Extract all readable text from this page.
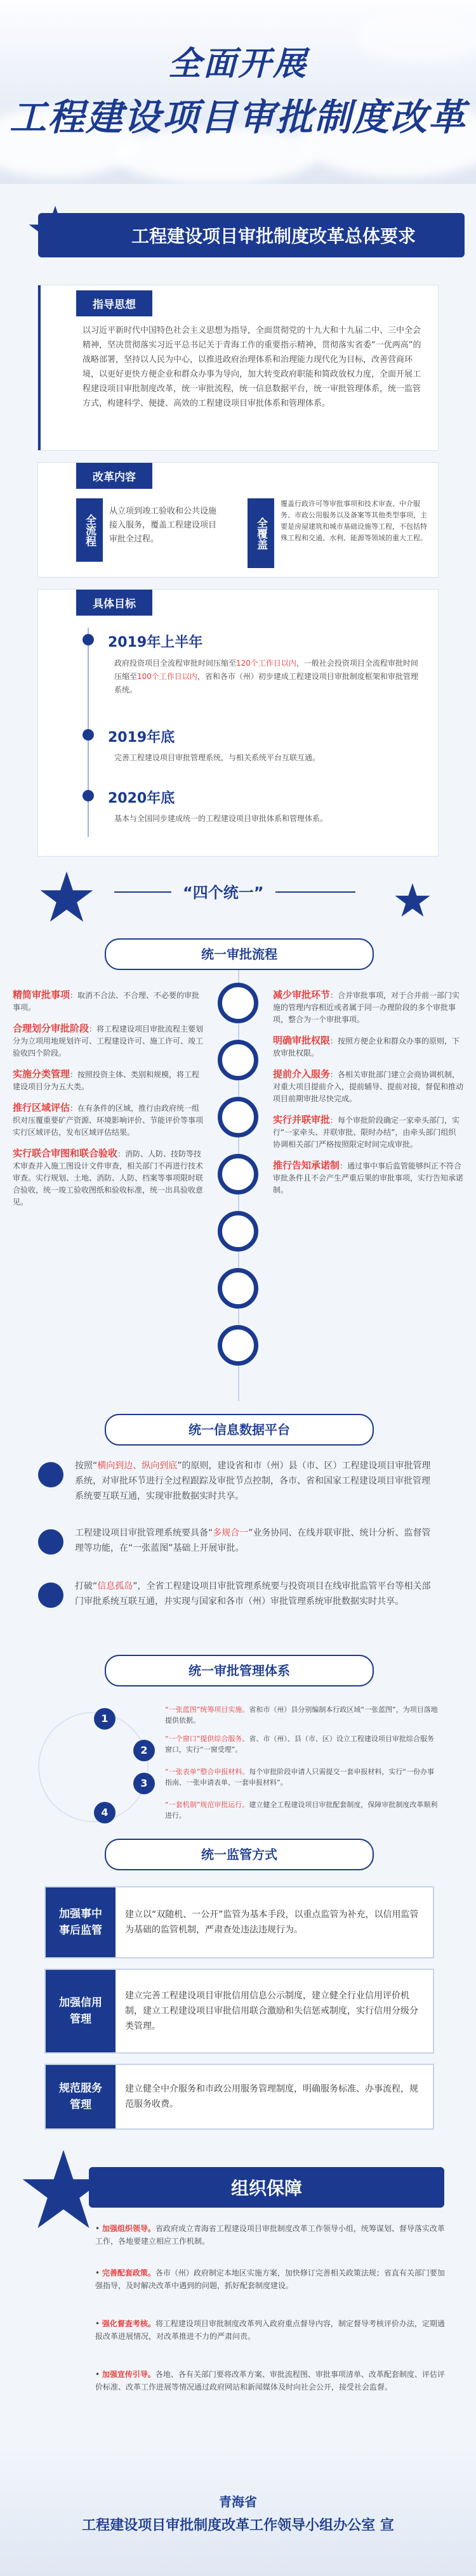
全面开展
工程建设项目审批制度改革
工程建设项目审批制度改革总体要求
指导思想
以习近平新时代中国特色社会主义思想为指导，全面贯彻党的十九大和十九届二中、三中全会精神，坚决贯彻落实习近平总书记关于青海工作的重要指示精神，贯彻落实省委“一优两高”的战略部署，坚持以人民为中心，以推进政府治理体系和治理能力现代化为目标，改善营商环境，以更好更快方便企业和群众办事为导向，加大转变政府职能和简政放权力度，全面开展工程建设项目审批制度改革，统一审批流程，统一信息数据平台，统一审批管理体系，统一监管方式，构建科学、便捷、高效的工程建设项目审批体系和管理体系。
改革内容
全流程
从立项到竣工验收和公共设施接入服务，覆盖工程建设项目审批全过程。	全覆盖
覆盖行政许可等审批事项和技术审查、中介服务、市政公用服务以及备案等其他类型事项，主要是房屋建筑和城市基础设施等工程，不包括特殊工程和交通、水利、能源等领域的重大工程。
具体目标
2019年上半年
政府投资项目全流程审批时间压缩至120个工作日以内，一般社会投资项目全流程审批时间压缩至100个工作日以内，省和各市（州）初步建成工程建设项目审批制度框架和审批管理系统。
2019年底
完善工程建设项目审批管理系统，与相关系统平台互联互通。
2020年底
基本与全国同步建成统一的工程建设项目审批体系和管理体系。
“四个统一”
统一审批流程
精简审批事项：取消不合法、不合理、不必要的审批事项。
合理划分审批阶段：将工程建设项目审批流程主要划分为立项用地规划许可、工程建设许可、施工许可、竣工验收四个阶段。
实施分类管理：按照投资主体、类别和规模，将工程建设项目分为五大类。
推行区域评估：在有条件的区域，推行由政府统一组织对压覆重要矿产资源、环境影响评价、节能评价等事项实行区域评估，发布区域评估结果。
实行联合审图和联合验收：消防、人防、技防等技术审查并入施工图设计文件审查，相关部门不再进行技术审查。实行规划、土地、消防、人防、档案等事项限时联合验收，统一竣工验收图纸和验收标准，统一出具验收意见。
减少审批环节：合并审批事项，对于合并前一部门实施的管理内容相近或者属于同一办理阶段的多个审批事项，整合为一个审批事项。
明确审批权限：按照方便企业和群众办事的原则，下放审批权限。
提前介入服务：各相关审批部门建立会商协调机制，对重大项目提前介入，提前辅导、提前对接，督促和推动项目前期审批尽快完成。
实行并联审批：每个审批阶段确定一家牵头部门，实行“一家牵头、并联审批、限时办结”，由牵头部门组织协调相关部门严格按照限定时间完成审批。
推行告知承诺制：通过事中事后监管能够纠正不符合审批条件且不会产生严重后果的审批事项，实行告知承诺制。
统一信息数据平台
按照“横向到边、纵向到底”的原则，建设省和市（州）县（市、区）工程建设项目审批管理系统，对审批环节进行全过程跟踪及审批节点控制，各市、省和国家工程建设项目审批管理系统要互联互通，实现审批数据实时共享。
工程建设项目审批管理系统要具备“多规合一”业务协同、在线并联审批、统计分析、监督管理等功能，在“一张蓝图”基础上开展审批。
打破“信息孤岛”，全省工程建设项目审批管理系统要与投资项目在线审批监管平台等相关部门审批系统互联互通，并实现与国家和各市（州）审批管理系统审批数据实时共享。
统一审批管理体系
1
2
3
4
“一张蓝图”统筹项目实施。省和市（州）县分别编制本行政区域“一张蓝图”，为项目落地提供依据。
“一个窗口”提供综合服务。省、市（州）、县（市、区）设立工程建设项目审批综合服务窗口，实行“一窗受理”。
“一张表单”整合申报材料。每个审批阶段申请人只需提交一套申报材料，实行“一份办事指南、一张申请表单、一套申报材料”。
“一套机制”规范审批运行。建立健全工程建设项目审批配套制度，保障审批制度改革顺利进行。
统一监管方式
加强事中事后监管
建立以“双随机、一公开”监管为基本手段，以重点监管为补充，以信用监管为基础的监管机制，严肃查处违法违规行为。
加强信用管理
建立完善工程建设项目审批信用信息公示制度，建立健全行业信用评价机制，建立工程建设项目审批信用联合激励和失信惩戒制度，实行信用分级分类管理。
规范服务管理
建立健全中介服务和市政公用服务管理制度，明确服务标准、办事流程，规范服务收费。
组织保障
• 加强组织领导。省政府成立青海省工程建设项目审批制度改革工作领导小组，统筹谋划、督导落实改革工作，各地要建立相应工作机制。
• 完善配套政策。各市（州）政府制定本地区实施方案，加快修订完善相关政策法规；省直有关部门要加强指导，及时解决改革中遇到的问题，抓好配套制度建设。
• 强化督查考核。将工程建设项目审批制度改革列入政府重点督导内容，制定督导考核评价办法，定期通报改革进展情况，对改革推进不力的严肃问责。
• 加强宣传引导。各地、各有关部门要将改革方案、审批流程图、审批事项清单、改革配套制度、评估评价标准、改革工作进展等情况通过政府网站和新闻媒体及时向社会公开，接受社会监督。
青海省
工程建设项目审批制度改革工作领导小组办公室 宣
